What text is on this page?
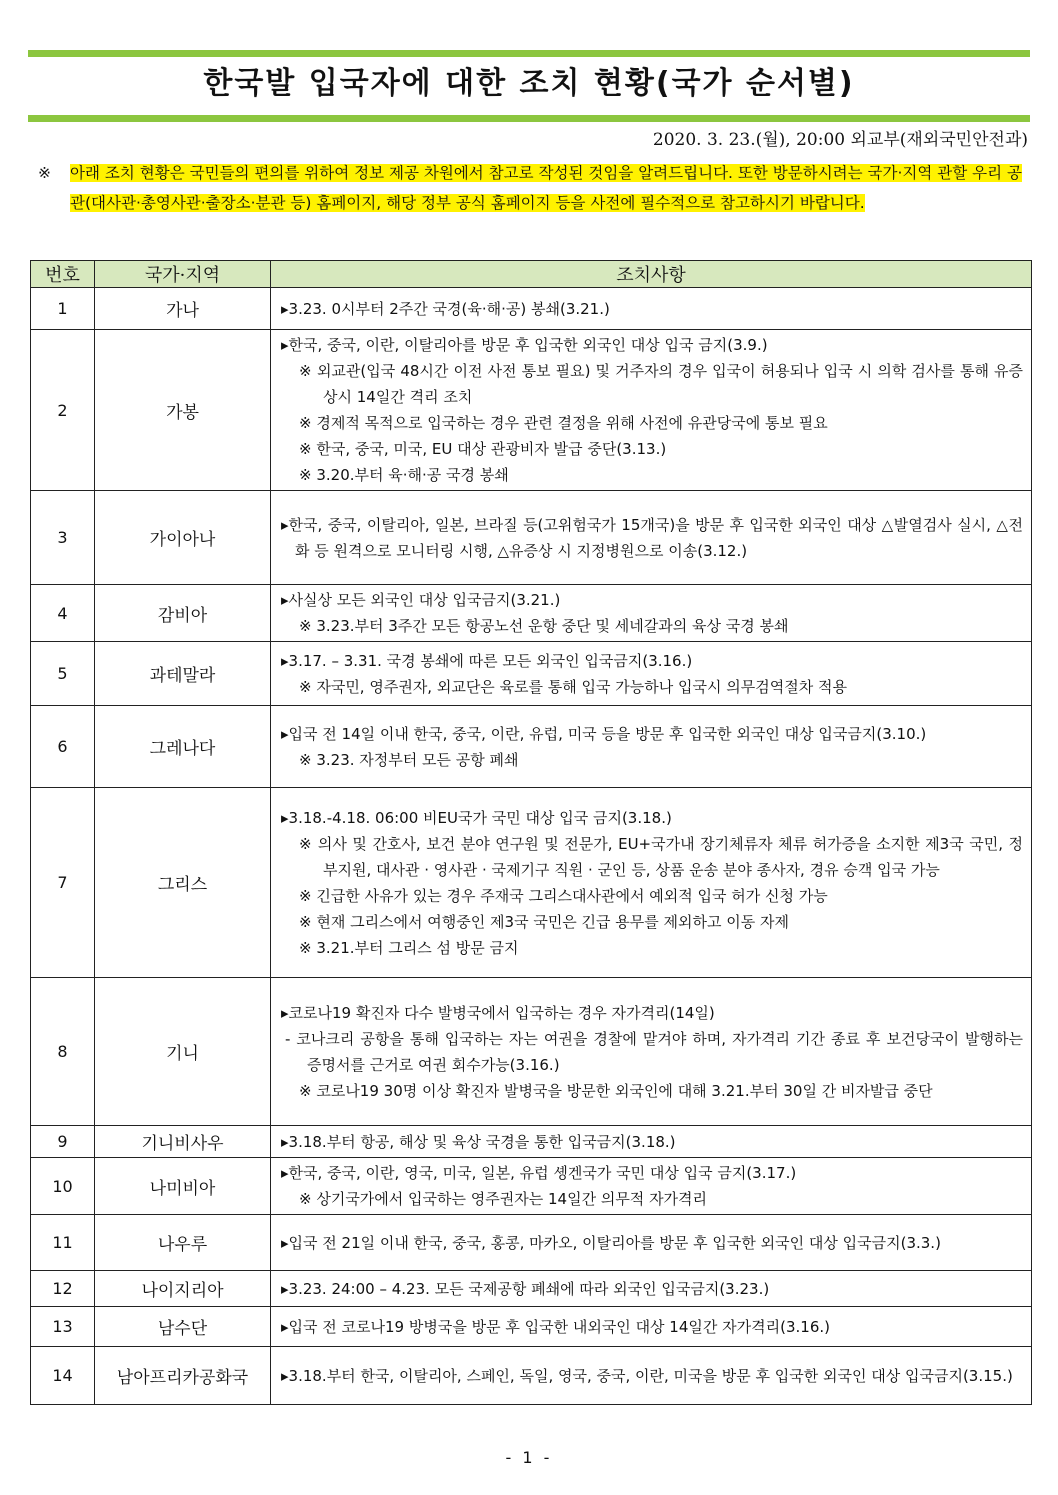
한국발 입국자에 대한 조치 현황(국가 순서별)
2020. 3. 23.(월), 20:00 외교부(재외국민안전과)
※ 아래 조치 현황은 국민들의 편의를 위하여 정보 제공 차원에서 참고로 작성된 것임을 알려드립니다. 또한 방문하시려는 국가·지역 관할 우리 공관(대사관·총영사관·출장소·분관 등) 홈페이지, 해당 정부 공식 홈페이지 등을 사전에 필수적으로 참고하시기 바랍니다.
번호	국가·지역	조치사항
1	가나	▸3.23. 0시부터 2주간 국경(육·해·공) 봉쇄(3.21.)

2	가봉	▸한국, 중국, 이란, 이탈리아를 방문 후 입국한 외국인 대상 입국 금지(3.9.)
※ 외교관(입국 48시간 이전 사전 통보 필요) 및 거주자의 경우 입국이 허용되나 입국 시 의학 검사를 통해 유증상시 14일간 격리 조치
※ 경제적 목적으로 입국하는 경우 관련 결정을 위해 사전에 유관당국에 통보 필요
※ 한국, 중국, 미국, EU 대상 관광비자 발급 중단(3.13.)
※ 3.20.부터 육·해·공 국경 봉쇄

3	가이아나	▸한국, 중국, 이탈리아, 일본, 브라질 등(고위험국가 15개국)을 방문 후 입국한 외국인 대상 △발열검사 실시, △전화 등 원격으로 모니터링 시행, △유증상 시 지정병원으로 이송(3.12.)

4	감비아	▸사실상 모든 외국인 대상 입국금지(3.21.)
※ 3.23.부터 3주간 모든 항공노선 운항 중단 및 세네갈과의 육상 국경 봉쇄

5	과테말라	▸3.17. – 3.31. 국경 봉쇄에 따른 모든 외국인 입국금지(3.16.)
※ 자국민, 영주권자, 외교단은 육로를 통해 입국 가능하나 입국시 의무검역절차 적용

6	그레나다	▸입국 전 14일 이내 한국, 중국, 이란, 유럽, 미국 등을 방문 후 입국한 외국인 대상 입국금지(3.10.)
※ 3.23. 자정부터 모든 공항 폐쇄

7	그리스	▸3.18.-4.18. 06:00 비EU국가 국민 대상 입국 금지(3.18.)
※ 의사 및 간호사, 보건 분야 연구원 및 전문가, EU+국가내 장기체류자 체류 허가증을 소지한 제3국 국민, 정부지원, 대사관 · 영사관 · 국제기구 직원 · 군인 등, 상품 운송 분야 종사자, 경유 승객 입국 가능
※ 긴급한 사유가 있는 경우 주재국 그리스대사관에서 예외적 입국 허가 신청 가능
※ 현재 그리스에서 여행중인 제3국 국민은 긴급 용무를 제외하고 이동 자제
※ 3.21.부터 그리스 섬 방문 금지

8	기니	▸코로나19 확진자 다수 발병국에서 입국하는 경우 자가격리(14일)
- 코나크리 공항을 통해 입국하는 자는 여권을 경찰에 맡겨야 하며, 자가격리 기간 종료 후 보건당국이 발행하는 증명서를 근거로 여권 회수가능(3.16.)
※ 코로나19 30명 이상 확진자 발병국을 방문한 외국인에 대해 3.21.부터 30일 간 비자발급 중단

9	기니비사우	▸3.18.부터 항공, 해상 및 육상 국경을 통한 입국금지(3.18.)

10	나미비아	▸한국, 중국, 이란, 영국, 미국, 일본, 유럽 솅겐국가 국민 대상 입국 금지(3.17.)
※ 상기국가에서 입국하는 영주권자는 14일간 의무적 자가격리

11	나우루	▸입국 전 21일 이내 한국, 중국, 홍콩, 마카오, 이탈리아를 방문 후 입국한 외국인 대상 입국금지(3.3.)

12	나이지리아	▸3.23. 24:00 – 4.23. 모든 국제공항 폐쇄에 따라 외국인 입국금지(3.23.)

13	남수단	▸입국 전 코로나19 방병국을 방문 후 입국한 내외국인 대상 14일간 자가격리(3.16.)

14	남아프리카공화국	▸3.18.부터 한국, 이탈리아, 스페인, 독일, 영국, 중국, 이란, 미국을 방문 후 입국한 외국인 대상 입국금지(3.15.)
- 1 -
